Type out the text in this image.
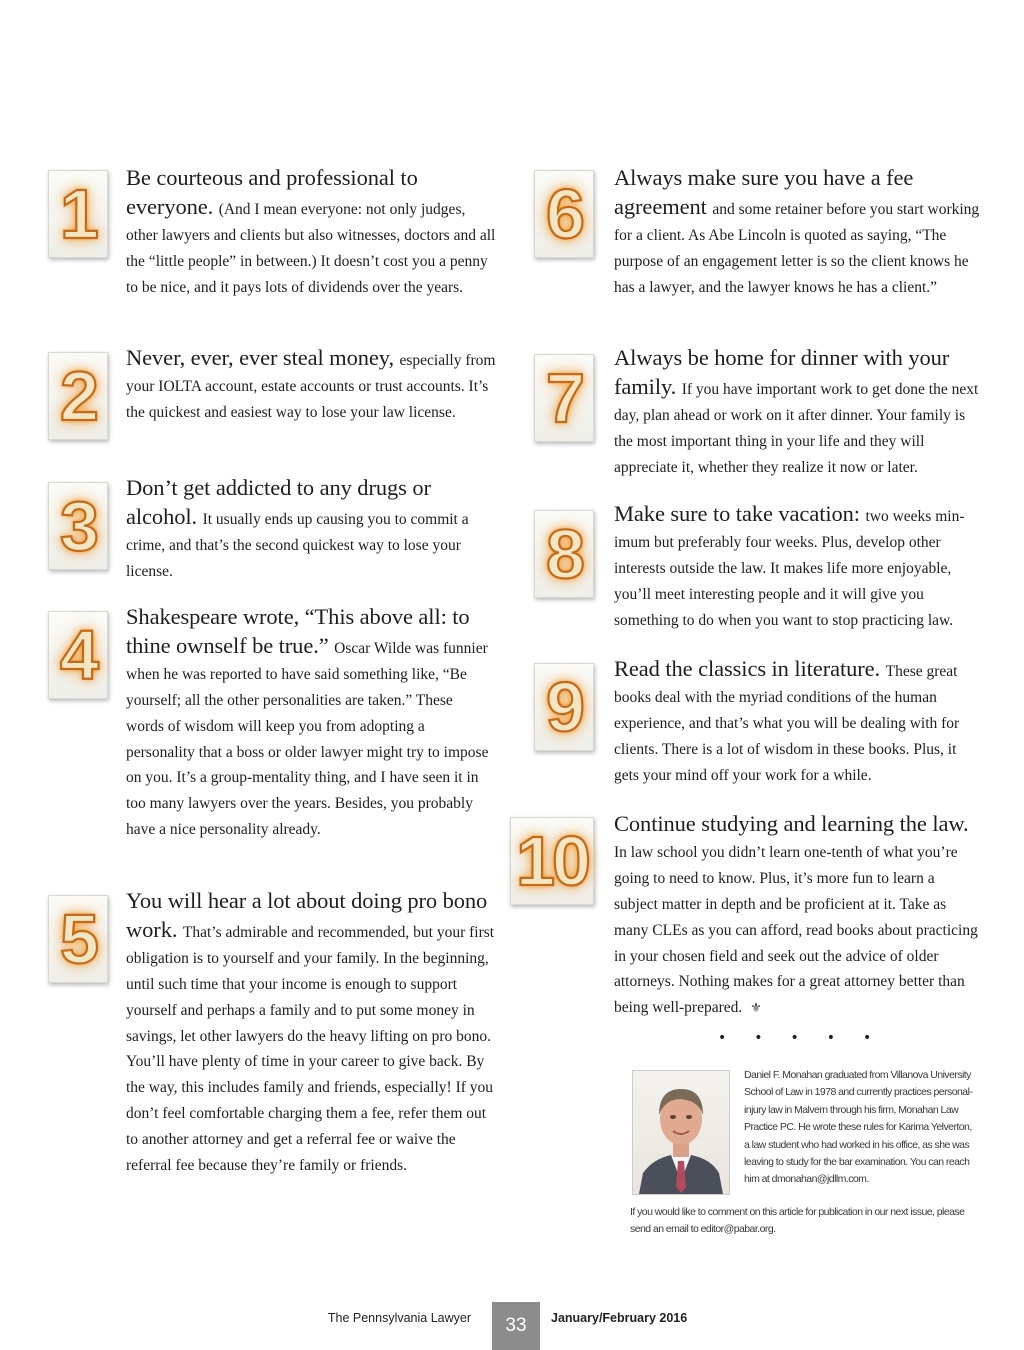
1 Be courteous and professional to everyone. (And I mean everyone: not only judges, other lawyers and clients but also witnesses, doctors and all the “little people” in between.) It doesn’t cost you a penny to be nice, and it pays lots of dividends over the years.
2 Never, ever, ever steal money, especially from your IOLTA account, estate accounts or trust accounts. It’s the quickest and easiest way to lose your law license.
3 Don’t get addicted to any drugs or alcohol. It usually ends up causing you to commit a crime, and that’s the second quickest way to lose your license.
4 Shakespeare wrote, “This above all: to thine ownself be true.” Oscar Wilde was funnier when he was reported to have said something like, “Be yourself; all the other personalities are taken.” These words of wisdom will keep you from adopting a personality that a boss or older lawyer might try to impose on you. It’s a group-mentality thing, and I have seen it in too many lawyers over the years. Besides, you probably have a nice personality already.
5 You will hear a lot about doing pro bono work. That’s admirable and recommended, but your first obligation is to yourself and your family. In the beginning, until such time that your income is enough to support yourself and perhaps a family and to put some money in savings, let other lawyers do the heavy lifting on pro bono. You’ll have plenty of time in your career to give back. By the way, this includes family and friends, especially! If you don’t feel comfortable charging them a fee, refer them out to another attorney and get a referral fee or waive the referral fee because they’re family or friends.
6 Always make sure you have a fee agreement and some retainer before you start working for a client. As Abe Lincoln is quoted as saying, “The purpose of an engagement letter is so the client knows he has a lawyer, and the lawyer knows he has a client.”
7
Always be home for dinner with your family. If you have important work to get done the next day, plan ahead or work on it after dinner. Your family is the most important thing in your life and they will appreciate it, whether they realize it now or later.
8
Make sure to take vacation: two weeks minimum but preferably four weeks. Plus, develop other interests outside the law. It makes life more enjoyable, you’ll meet interesting people and it will give you something to do when you want to stop practicing law.
9 Read the classics in literature. These great books deal with the myriad conditions of the human experience, and that’s what you will be dealing with for clients. There is a lot of wisdom in these books. Plus, it gets your mind off your work for a while.
10 Continue studying and learning the law. In law school you didn’t learn one-tenth of what you’re going to need to know. Plus, it’s more fun to learn a subject matter in depth and be proficient at it. Take as many CLEs as you can afford, read books about practicing in your chosen field and seek out the advice of older attorneys. Nothing makes for a great attorney better than being well-prepared. ⚜
•••••
Daniel F. Monahan graduated from Villanova University School of Law in 1978 and currently practices personal-injury law in Malvern through his firm, Monahan Law Practice PC. He wrote these rules for Karima Yelverton, a law student who had worked in his office, as she was leaving to study for the bar examination. You can reach him at dmonahan@jdllm.com.
If you would like to comment on this article for publication in our next issue, please send an email to editor@pabar.org.
The Pennsylvania Lawyer 33 January/February 2016
